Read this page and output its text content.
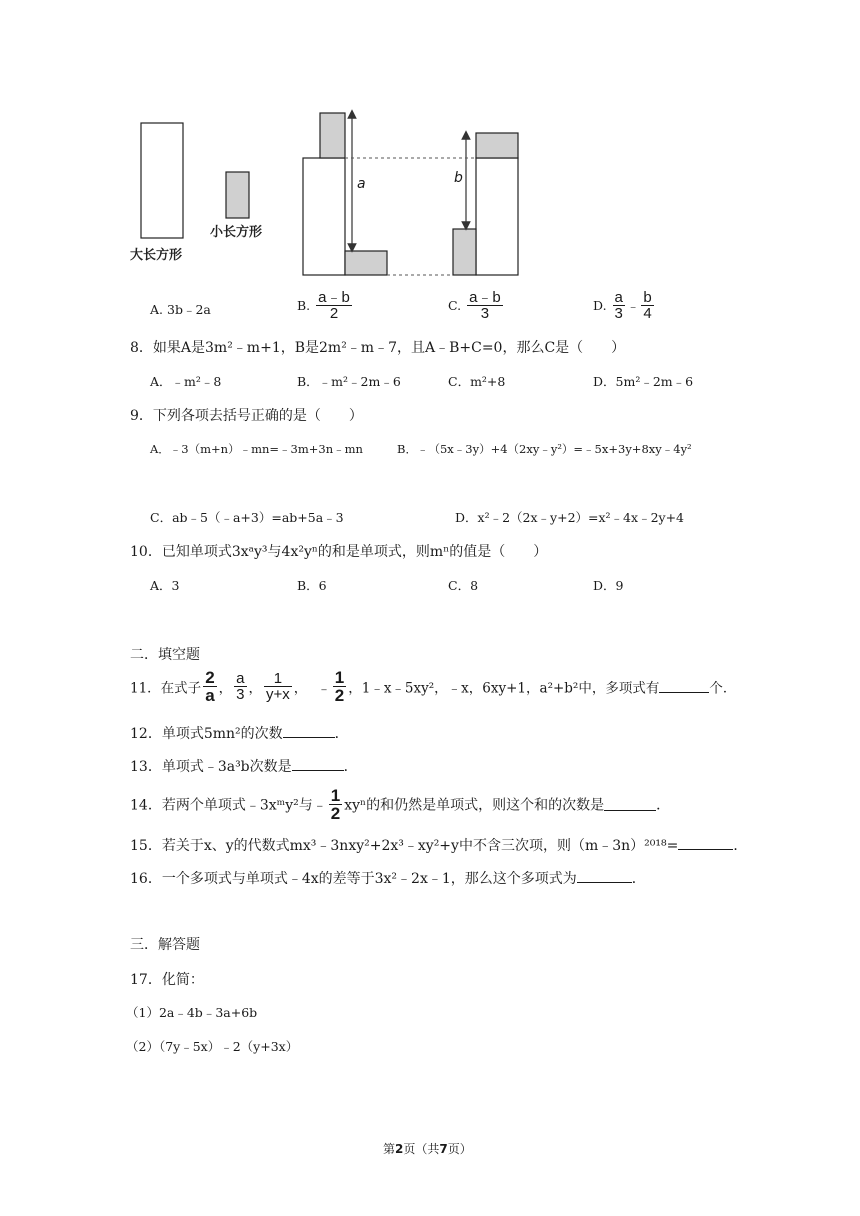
大长方形
小长方形
a	b
A. 3b﹣2a	B. $\frac{a﹣b}{2}$	C. $\frac{a﹣b}{3}$	D. $\frac{a}{3}$ ﹣ $\frac{b}{4}$
8．如果A是3m²﹣m+1，B是2m²﹣m﹣7，且A﹣B+C=0，那么C是（　　）
A．﹣m²﹣8	B．﹣m²﹣2m﹣6	C．m²+8	D．5m²﹣2m﹣6
9．下列各项去括号正确的是（　　）
A．﹣3（m+n）﹣mn=﹣3m+3n﹣mn	B．﹣（5x﹣3y）+4（2xy﹣y²）=﹣5x+3y+8xy﹣4y²
C．ab﹣5（﹣a+3）=ab+5a﹣3	D．x²﹣2（2x﹣y+2）=x²﹣4x﹣2y+4
10．已知单项式3xᵃy³与4x²yⁿ的和是单项式，则mⁿ的值是（　　）
A．3	B．6	C．8	D．9
二．填空题
11．在式子 $\frac{2}{a}$ ， $\frac{a}{3}$ ， $\frac{1}{y+x}$ ， ﹣ $\frac{1}{2}$ ，1﹣x﹣5xy²，﹣x，6xy+1，a²+b²中，多项式有	个．
12．单项式5mn²的次数	．
13．单项式﹣3a³b次数是	．
14．若两个单项式﹣3xᵐy²与﹣ $\frac{1}{2}$ xyⁿ的和仍然是单项式，则这个和的次数是	．
15．若关于x、y的代数式mx³﹣3nxy²+2x³﹣xy²+y中不含三次项，则（m﹣3n）²⁰¹⁸=	．
16．一个多项式与单项式﹣4x的差等于3x²﹣2x﹣1，那么这个多项式为	．
三．解答题
17．化简：
（1）2a﹣4b﹣3a+6b
（2）（7y﹣5x）﹣2（y+3x）
第2页（共7页）
